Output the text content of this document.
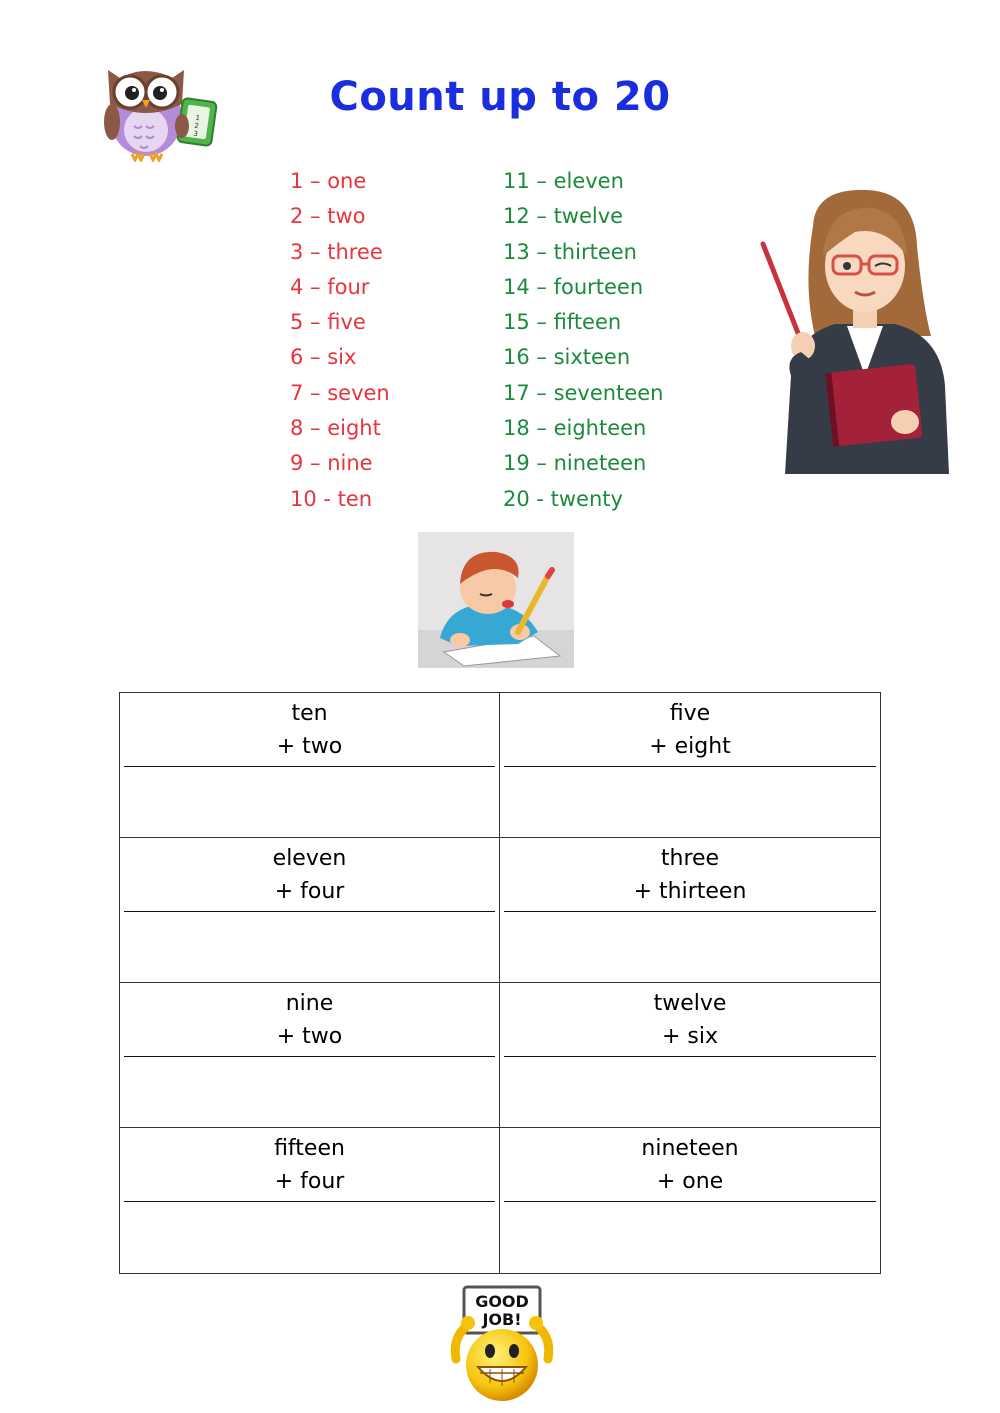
1
2
3
Count up to 20
1 – one
2 – two
3 – three
4 – four
5 – five
6 – six
7 – seven
8 – eight
9 – nine
10 - ten
11 – eleven
12 – twelve
13 – thirteen
14 – fourteen
15 – fifteen
16 – sixteen
17 – seventeen
18 – eighteen
19 – nineteen
20 - twenty
ten
+ two
five
+ eight
eleven
+ four
three
+ thirteen
nine
+ two
twelve
+ six
fifteen
+ four
nineteen
+ one
GOOD
JOB!
